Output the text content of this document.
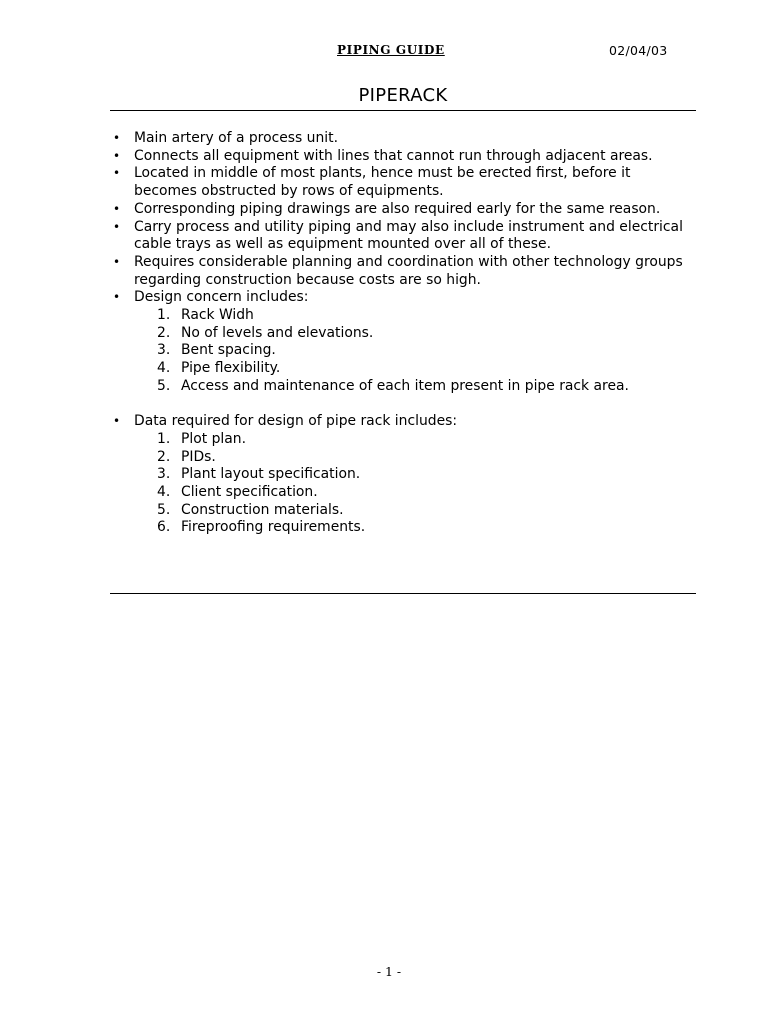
PIPING GUIDE	02/04/03
PIPERACK
• Main artery of a process unit.
• Connects all equipment with lines that cannot run through adjacent areas.
• Located in middle of most plants, hence must be erected first, before it becomes obstructed by rows of equipments.
• Corresponding piping drawings are also required early for the same reason.
• Carry process and utility piping and may also include instrument and electrical cable trays as well as equipment mounted over all of these.
• Requires considerable planning and coordination with other technology groups regarding construction because costs are so high.
• Design concern includes:
1. Rack Widh
2. No of levels and elevations.
3. Bent spacing.
4. Pipe flexibility.
5. Access and maintenance of each item present in pipe rack area.
• Data required for design of pipe rack includes:
1. Plot plan.
2. PIDs.
3. Plant layout specification.
4. Client specification.
5. Construction materials.
6. Fireproofing requirements.
- 1 -
